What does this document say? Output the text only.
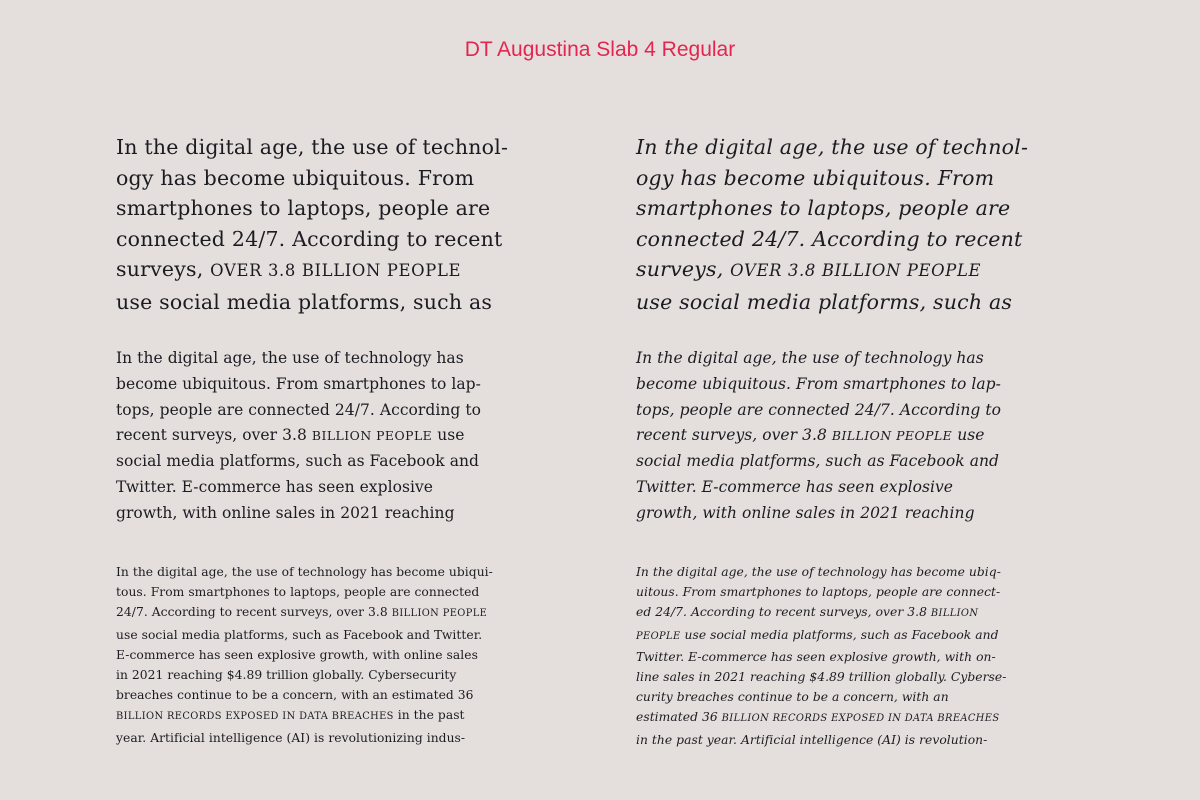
DT Augustina Slab 4 Regular
In the digital age, the use of technol-
ogy has become ubiquitous. From
smartphones to laptops, people are
connected 24/7. According to recent
surveys, OVER 3.8 BILLION PEOPLE
use social media platforms, such as
In the digital age, the use of technol-
ogy has become ubiquitous. From
smartphones to laptops, people are
connected 24/7. According to recent
surveys, OVER 3.8 BILLION PEOPLE
use social media platforms, such as
In the digital age, the use of technology has
become ubiquitous. From smartphones to lap-
tops, people are connected 24/7. According to
recent surveys, over 3.8 BILLION PEOPLE use
social media platforms, such as Facebook and
Twitter. E-commerce has seen explosive
growth, with online sales in 2021 reaching
In the digital age, the use of technology has
become ubiquitous. From smartphones to lap-
tops, people are connected 24/7. According to
recent surveys, over 3.8 BILLION PEOPLE use
social media platforms, such as Facebook and
Twitter. E-commerce has seen explosive
growth, with online sales in 2021 reaching
In the digital age, the use of technology has become ubiqui-
tous. From smartphones to laptops, people are connected
24/7. According to recent surveys, over 3.8 BILLION PEOPLE
use social media platforms, such as Facebook and Twitter.
E-commerce has seen explosive growth, with online sales
in 2021 reaching $4.89 trillion globally. Cybersecurity
breaches continue to be a concern, with an estimated 36
BILLION RECORDS EXPOSED IN DATA BREACHES in the past
year. Artificial intelligence (AI) is revolutionizing indus-
In the digital age, the use of technology has become ubiq-
uitous. From smartphones to laptops, people are connect-
ed 24/7. According to recent surveys, over 3.8 BILLION
PEOPLE use social media platforms, such as Facebook and
Twitter. E-commerce has seen explosive growth, with on-
line sales in 2021 reaching $4.89 trillion globally. Cyberse-
curity breaches continue to be a concern, with an
estimated 36 BILLION RECORDS EXPOSED IN DATA BREACHES
in the past year. Artificial intelligence (AI) is revolution-
